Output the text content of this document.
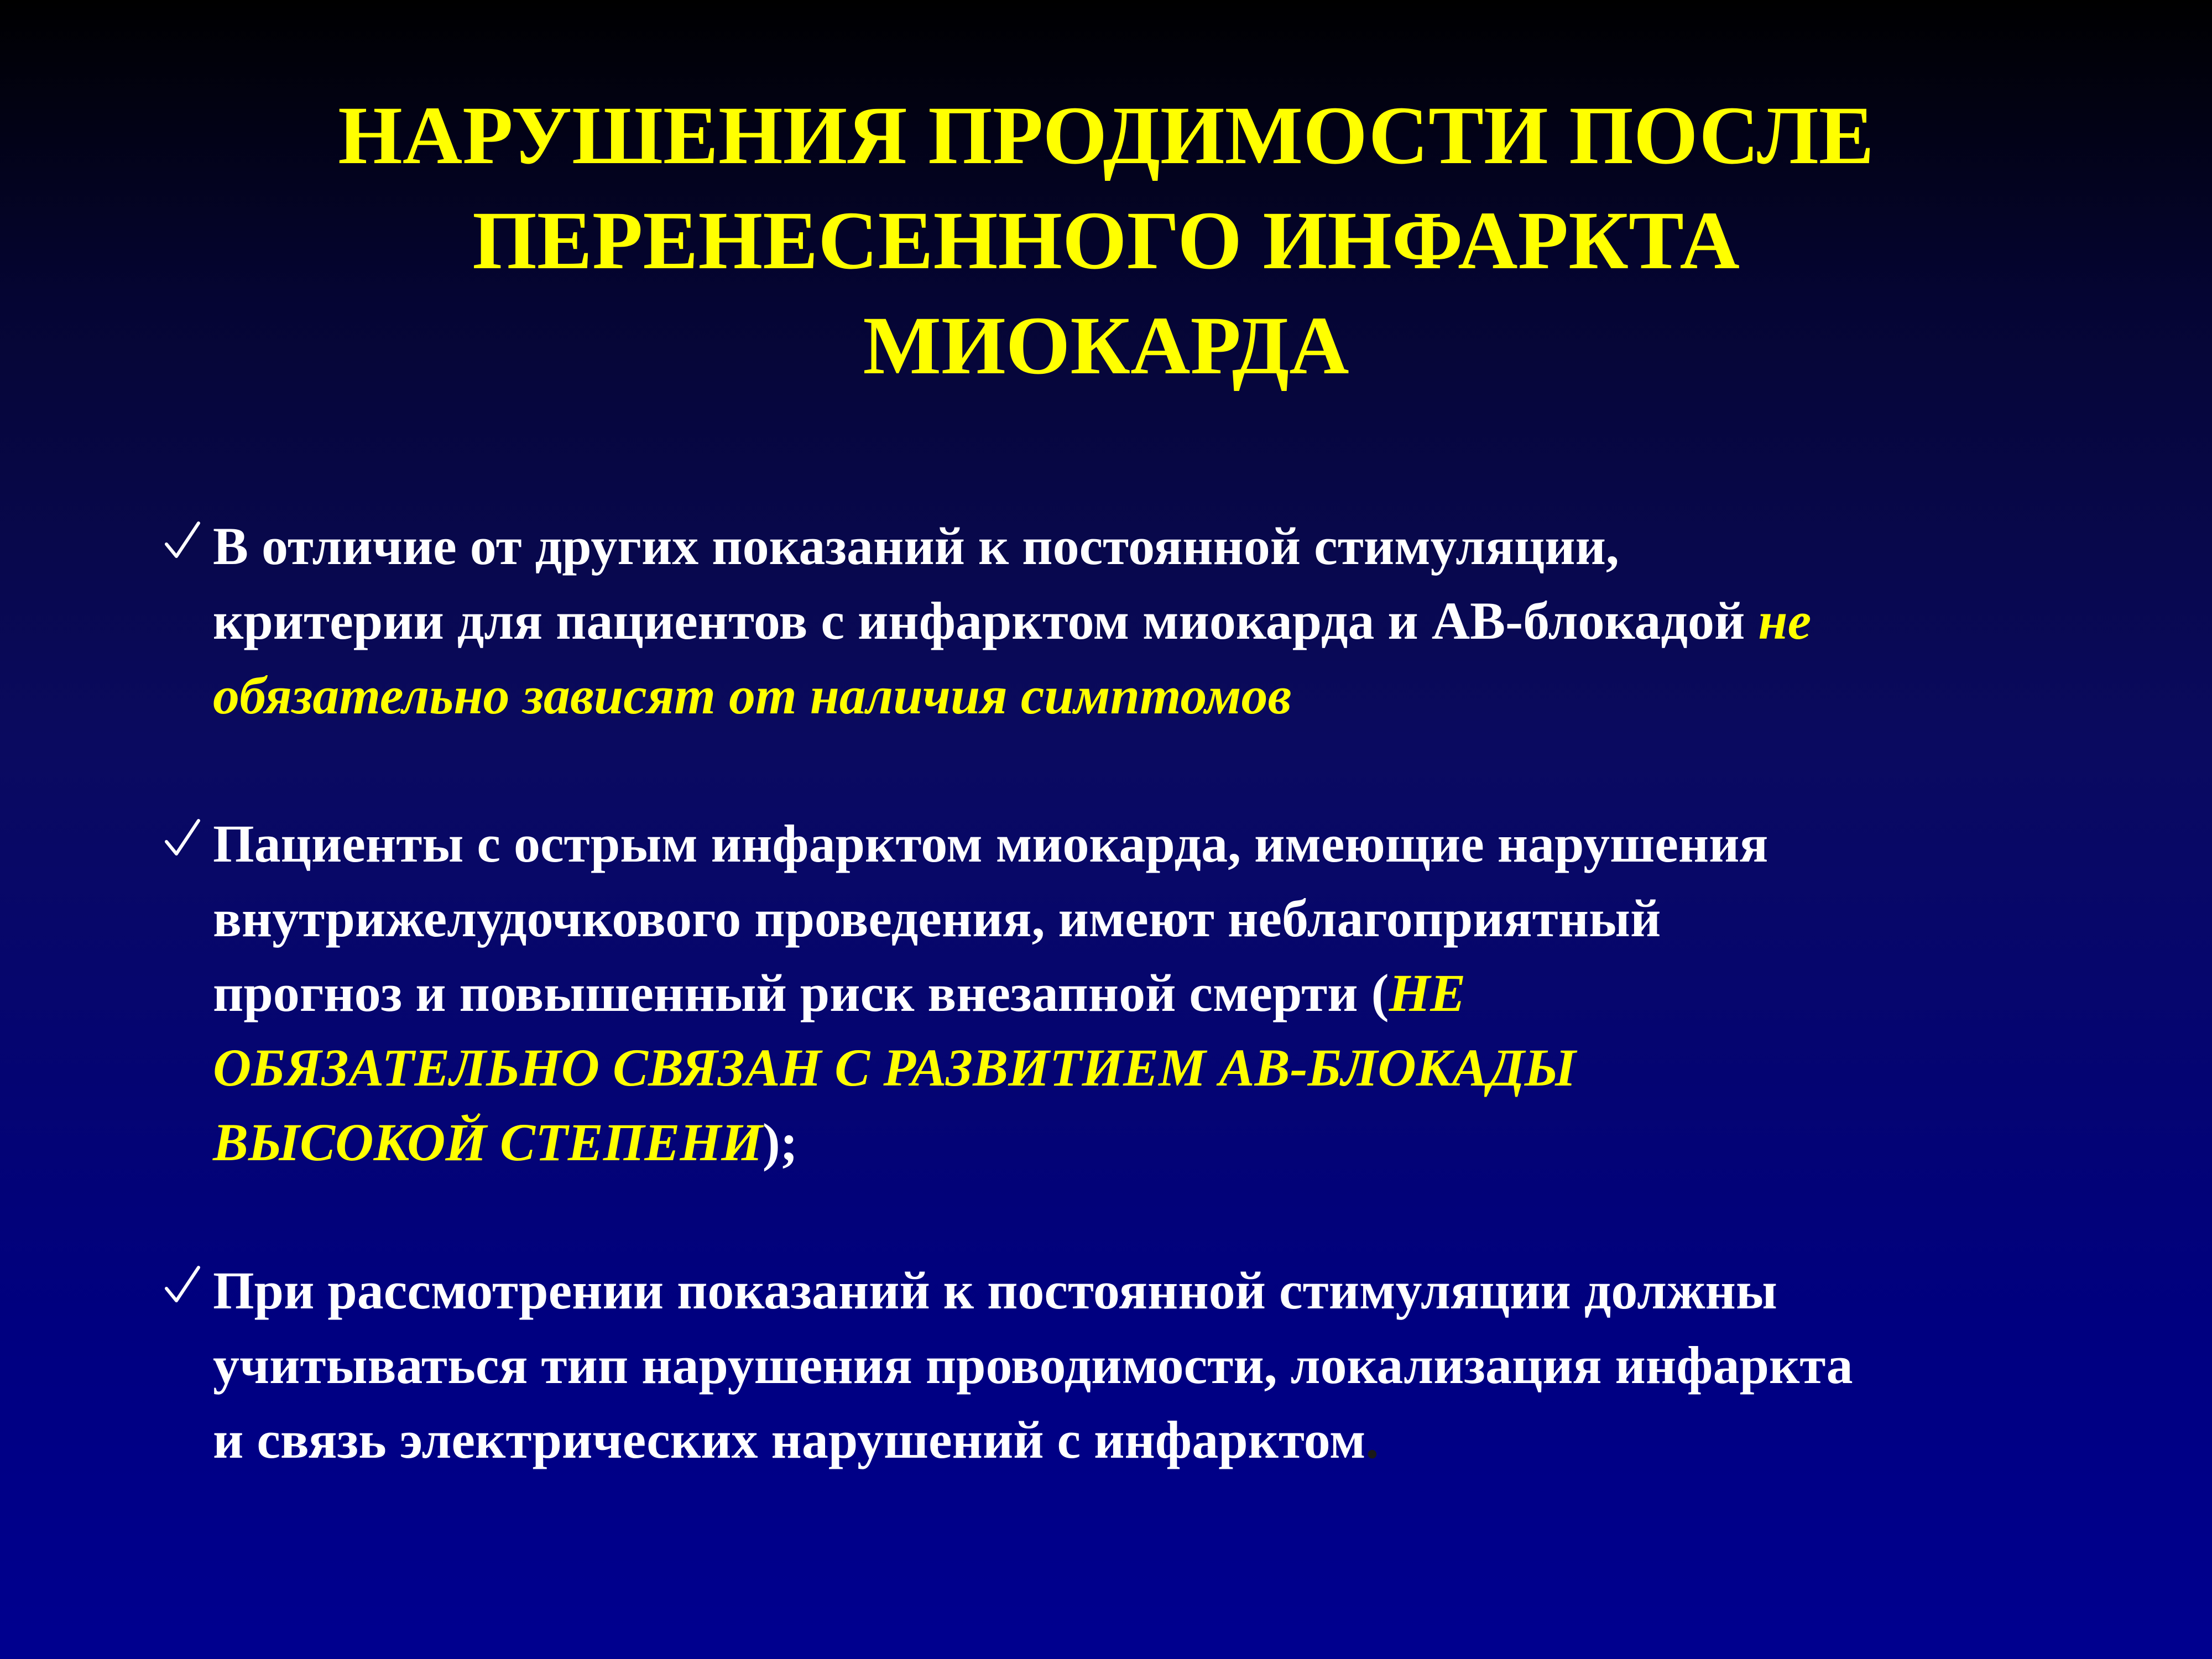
НАРУШЕНИЯ ПРОДИМОСТИ ПОСЛЕ
ПЕРЕНЕСЕННОГО ИНФАРКТА
МИОКАРДА
В отличие от других показаний к постоянной стимуляции,
критерии для пациентов с инфарктом миокарда и АВ-блокадой не
обязательно зависят от наличия симптомов
Пациенты с острым инфарктом миокарда, имеющие нарушения
внутрижелудочкового проведения, имеют неблагоприятный
прогноз и повышенный риск внезапной смерти (НЕ
ОБЯЗАТЕЛЬНО СВЯЗАН С РАЗВИТИЕМ АВ-БЛОКАДЫ
ВЫСОКОЙ СТЕПЕНИ);
При рассмотрении показаний к постоянной стимуляции должны
учитываться тип нарушения проводимости, локализация инфаркта
и связь электрических нарушений с инфарктом.
